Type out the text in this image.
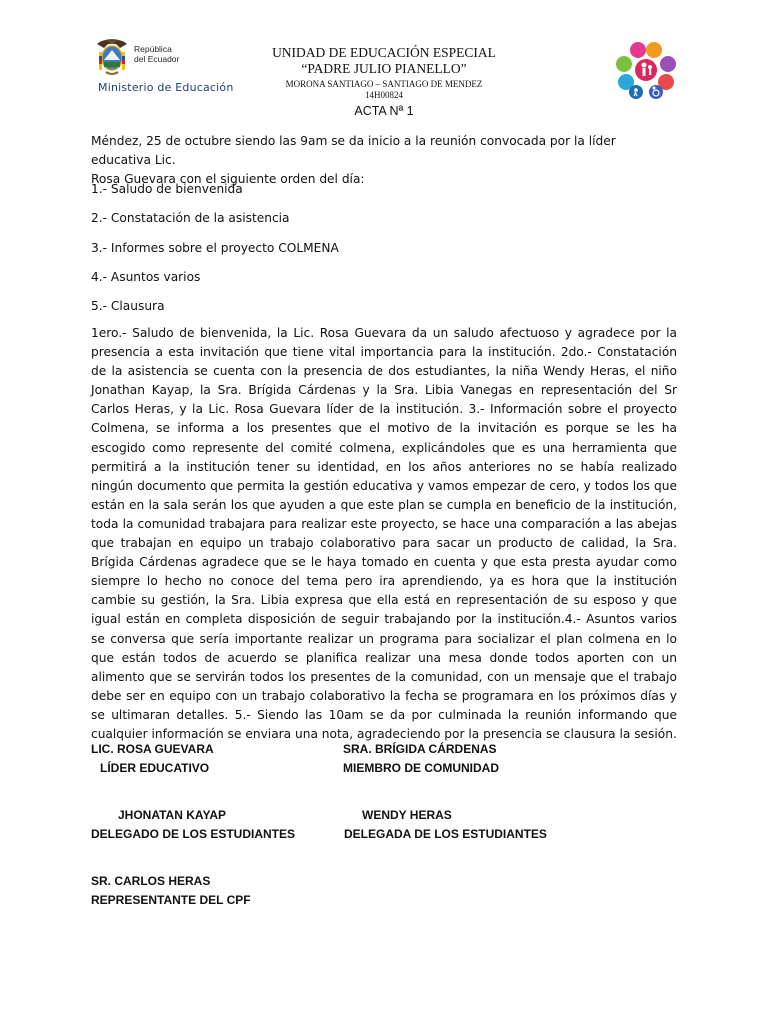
República
del Ecuador
Ministerio de Educación
UNIDAD DE EDUCACIÓN ESPECIAL
“PADRE JULIO PIANELLO”
MORONA SANTIAGO – SANTIAGO DE MENDEZ
14H00824
ACTA Nª 1
Méndez, 25 de octubre siendo las 9am se da inicio a la reunión convocada por la líder educativa Lic.
Rosa Guevara con el siguiente orden del día:
1.- Saludo de bienvenida
2.- Constatación de la asistencia
3.- Informes sobre el proyecto COLMENA
4.- Asuntos varios
5.- Clausura
1ero.- Saludo de bienvenida, la Lic. Rosa Guevara da un saludo afectuoso y agradece por la presencia a esta invitación que tiene vital importancia para la institución. 2do.- Constatación de la asistencia se cuenta con la presencia de dos estudiantes, la niña Wendy Heras, el niño Jonathan Kayap, la Sra. Brígida Cárdenas y la Sra. Libia Vanegas en representación del Sr Carlos Heras, y la Lic. Rosa Guevara líder de la institución. 3.- Información sobre el proyecto Colmena, se informa a los presentes que el motivo de la invitación es porque se les ha escogido como represente del comité colmena, explicándoles que es una herramienta que permitirá a la institución tener su identidad, en los años anteriores no se había realizado ningún documento que permita la gestión educativa y vamos empezar de cero, y todos los que están en la sala serán los que ayuden a que este plan se cumpla en beneficio de la institución, toda la comunidad trabajara para realizar este proyecto, se hace una comparación a las abejas que trabajan en equipo un trabajo colaborativo para sacar un producto de calidad, la Sra. Brígida Cárdenas agradece que se le haya tomado en cuenta y que esta presta ayudar como siempre lo hecho no conoce del tema pero ira aprendiendo, ya es hora que la institución cambie su gestión, la Sra. Libia expresa que ella está en representación de su esposo y que igual están en completa disposición de seguir trabajando por la institución.4.- Asuntos varios se conversa que sería importante realizar un programa para socializar el plan colmena en lo que están todos de acuerdo se planifica realizar una mesa donde todos aporten con un alimento que se servirán todos los presentes de la comunidad, con un mensaje que el trabajo debe ser en equipo con un trabajo colaborativo la fecha se programara en los próximos días y se ultimaran detalles. 5.- Siendo las 10am se da por culminada la reunión informando que cualquier información se enviara una nota, agradeciendo por la presencia se clausura la sesión.
LIC. ROSA GUEVARA
LÍDER EDUCATIVO
SRA. BRÍGIDA CÁRDENAS
MIEMBRO DE COMUNIDAD
JHONATAN KAYAP
DELEGADO DE LOS ESTUDIANTES
WENDY HERAS
DELEGADA DE LOS ESTUDIANTES
SR. CARLOS HERAS
REPRESENTANTE DEL CPF
